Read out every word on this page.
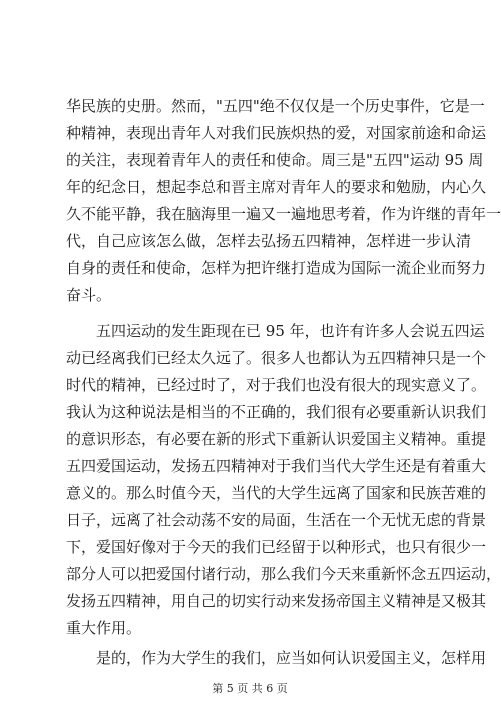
华民族的史册。然而，"五四"绝不仅仅是一个历史事件，它是一
种精神，表现出青年人对我们民族炽热的爱，对国家前途和命运
的关注，表现着青年人的责任和使命。周三是"五四"运动 95 周
年的纪念日，想起李总和晋主席对青年人的要求和勉励，内心久
久不能平静，我在脑海里一遍又一遍地思考着，作为许继的青年一
代，自己应该怎么做，怎样去弘扬五四精神，怎样进一步认清
自身的责任和使命，怎样为把许继打造成为国际一流企业而努力
奋斗。
五四运动的发生距现在已 95 年，也许有许多人会说五四运
动已经离我们已经太久远了。很多人也都认为五四精神只是一个
时代的精神，已经过时了，对于我们也没有很大的现实意义了。
我认为这种说法是相当的不正确的，我们很有必要重新认识我们
的意识形态，有必要在新的形式下重新认识爱国主义精神。重提
五四爱国运动，发扬五四精神对于我们当代大学生还是有着重大
意义的。那么时值今天，当代的大学生远离了国家和民族苦难的
日子，远离了社会动荡不安的局面，生活在一个无忧无虑的背景
下，爱国好像对于今天的我们已经留于以种形式，也只有很少一
部分人可以把爱国付诸行动，那么我们今天来重新怀念五四运动，
发扬五四精神，用自己的切实行动来发扬帝国主义精神是又极其
重大作用。
是的，作为大学生的我们，应当如何认识爱国主义，怎样用
第 5 页 共 6 页
